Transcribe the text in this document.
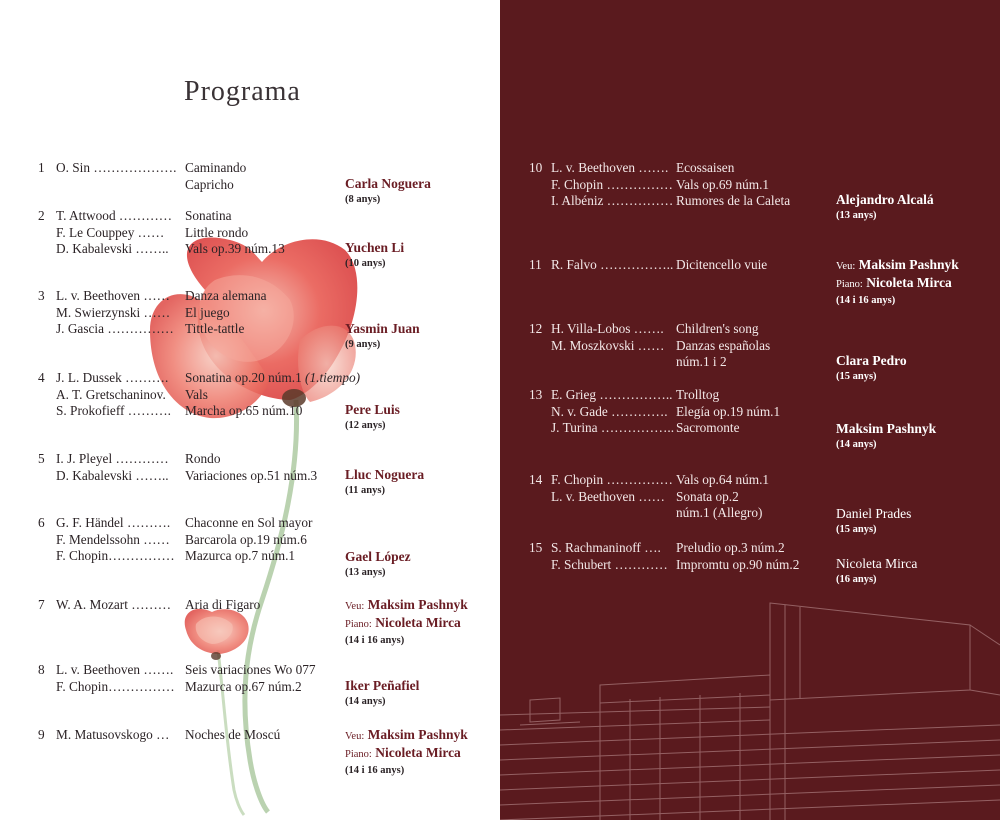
Programa
1 O. Sin ………………. Caminando
Capricho	Carla Noguera
(8 anys)
2 T. Attwood ………… Sonatina
F. Le Couppey …… Little rondo
D. Kabalevski …….. Vals op.39 núm.13	Yuchen Li
(10 anys)
3 L. v. Beethoven …… Danza alemana
M. Swierzynski …… El juego
J. Gascia …………… Tittle-tattle	Yasmin Juan
(9 anys)
4 J. L. Dussek ………. Sonatina op.20 núm.1 (1.tiempo)
A. T. Gretschaninov. Vals
S. Prokofieff ………. Marcha op.65 núm.10	Pere Luis
(12 anys)
5 I. J. Pleyel ………… Rondo
D. Kabalevski …….. Variaciones op.51 núm.3 Lluc Noguera
(11 anys)
6 G. F. Händel ………. Chaconne en Sol mayor
F. Mendelssohn …… Barcarola op.19 núm.6
F. Chopin…………… Mazurca op.7 núm.1	Gael López
(13 anys)
7 W. A. Mozart ……… Aria di Figaro	Veu: Maksim Pashnyk
Piano: Nicoleta Mirca
(14 i 16 anys)
8 L. v. Beethoven ……. Seis variaciones Wo 077
F. Chopin…………… Mazurca op.67 núm.2	Iker Peñafiel
(14 anys)
9 M. Matusovskogo … Noches de Moscú	Veu: Maksim Pashnyk
Piano: Nicoleta Mirca
(14 i 16 anys)
10 L. v. Beethoven ……. Ecossaisen
F. Chopin …………… Vals op.69 núm.1
I. Albéniz …………… Rumores de la Caleta	Alejandro Alcalá
(13 anys)
11 R. Falvo …………….. Dicitencello vuie	Veu: Maksim Pashnyk
Piano: Nicoleta Mirca
(14 i 16 anys)
12 H. Villa-Lobos ……. Children's song
M. Moszkovski …… Danzas españolas
núm.1 i 2	Clara Pedro
(15 anys)
13 E. Grieg …………….. Trolltog
N. v. Gade …………. Elegía op.19 núm.1
J. Turina …………….. Sacromonte	Maksim Pashnyk
(14 anys)
14 F. Chopin …………… Vals op.64 núm.1
L. v. Beethoven …… Sonata op.2
núm.1 (Allegro)	Daniel Prades
(15 anys)
15 S. Rachmaninoff …. Preludio op.3 núm.2
F. Schubert ………… Impromtu op.90 núm.2	Nicoleta Mirca
(16 anys)
